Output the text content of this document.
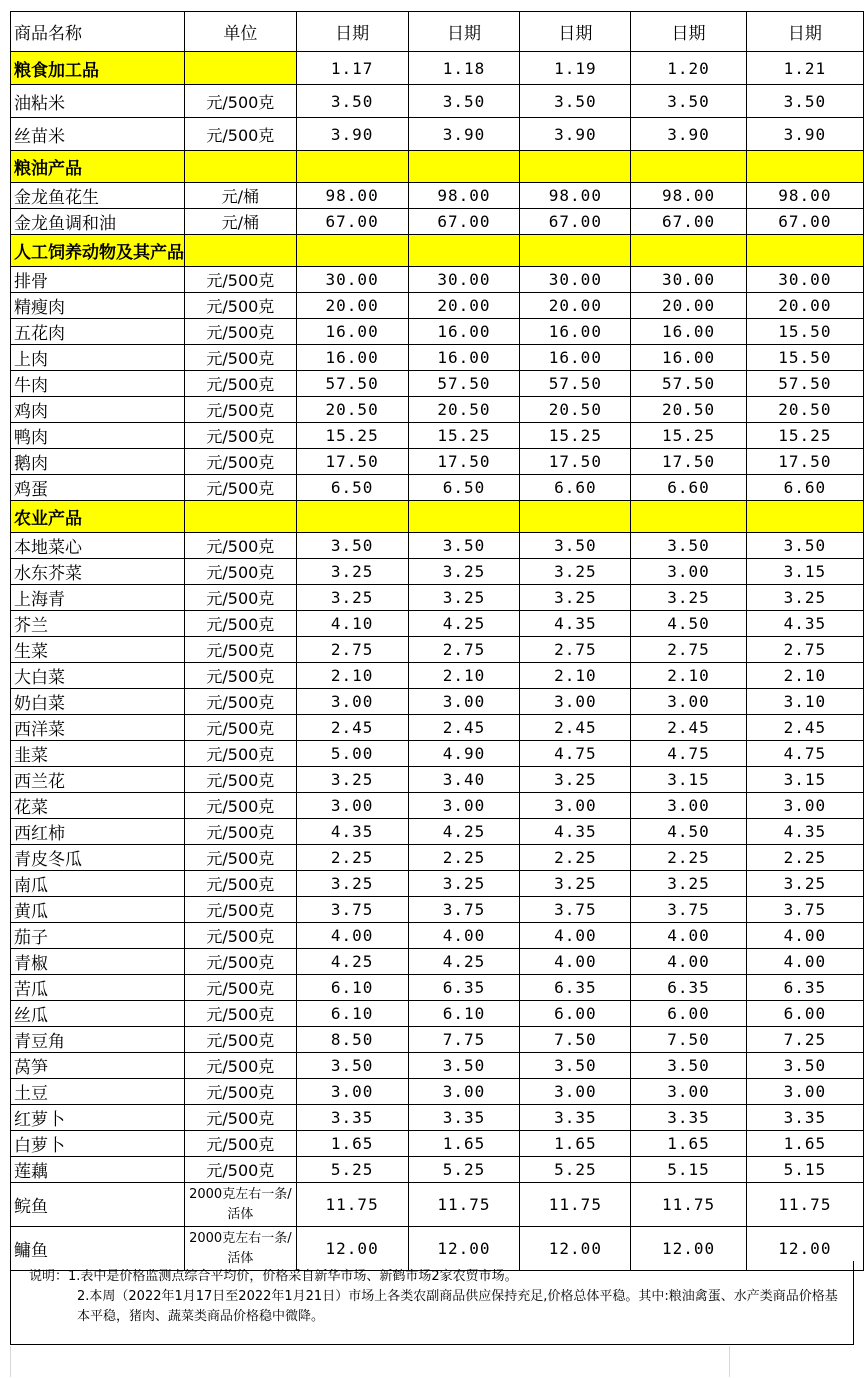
商品名称	单位	日期	日期	日期	日期	日期
粮食加工品		1.17	1.18	1.19	1.20	1.21
油粘米	元/500克	3.50	3.50	3.50	3.50	3.50
丝苗米	元/500克	3.90	3.90	3.90	3.90	3.90
粮油产品						
金龙鱼花生	元/桶	98.00	98.00	98.00	98.00	98.00
金龙鱼调和油	元/桶	67.00	67.00	67.00	67.00	67.00
人工饲养动物及其产品						
排骨	元/500克	30.00	30.00	30.00	30.00	30.00
精瘦肉	元/500克	20.00	20.00	20.00	20.00	20.00
五花肉	元/500克	16.00	16.00	16.00	16.00	15.50
上肉	元/500克	16.00	16.00	16.00	16.00	15.50
牛肉	元/500克	57.50	57.50	57.50	57.50	57.50
鸡肉	元/500克	20.50	20.50	20.50	20.50	20.50
鸭肉	元/500克	15.25	15.25	15.25	15.25	15.25
鹅肉	元/500克	17.50	17.50	17.50	17.50	17.50
鸡蛋	元/500克	6.50	6.50	6.60	6.60	6.60
农业产品						
本地菜心	元/500克	3.50	3.50	3.50	3.50	3.50
水东芥菜	元/500克	3.25	3.25	3.25	3.00	3.15
上海青	元/500克	3.25	3.25	3.25	3.25	3.25
芥兰	元/500克	4.10	4.25	4.35	4.50	4.35
生菜	元/500克	2.75	2.75	2.75	2.75	2.75
大白菜	元/500克	2.10	2.10	2.10	2.10	2.10
奶白菜	元/500克	3.00	3.00	3.00	3.00	3.10
西洋菜	元/500克	2.45	2.45	2.45	2.45	2.45
韭菜	元/500克	5.00	4.90	4.75	4.75	4.75
西兰花	元/500克	3.25	3.40	3.25	3.15	3.15
花菜	元/500克	3.00	3.00	3.00	3.00	3.00
西红柿	元/500克	4.35	4.25	4.35	4.50	4.35
青皮冬瓜	元/500克	2.25	2.25	2.25	2.25	2.25
南瓜	元/500克	3.25	3.25	3.25	3.25	3.25
黄瓜	元/500克	3.75	3.75	3.75	3.75	3.75
茄子	元/500克	4.00	4.00	4.00	4.00	4.00
青椒	元/500克	4.25	4.25	4.00	4.00	4.00
苦瓜	元/500克	6.10	6.35	6.35	6.35	6.35
丝瓜	元/500克	6.10	6.10	6.00	6.00	6.00
青豆角	元/500克	8.50	7.75	7.50	7.50	7.25
莴笋	元/500克	3.50	3.50	3.50	3.50	3.50
土豆	元/500克	3.00	3.00	3.00	3.00	3.00
红萝卜	元/500克	3.35	3.35	3.35	3.35	3.35
白萝卜	元/500克	1.65	1.65	1.65	1.65	1.65
莲藕	元/500克	5.25	5.25	5.25	5.15	5.15
鲩鱼	2000克左右一条/活体	11.75	11.75	11.75	11.75	11.75
鳙鱼	2000克左右一条/活体	12.00	12.00	12.00	12.00	12.00
说明：1.表中是价格监测点综合平均价，价格采自新华市场、新鹤市场2家农贸市场。
2.本周（2022年1月17日至2022年1月21日）市场上各类农副商品供应保持充足,价格总体平稳。其中:粮油禽蛋、水产类商品价格基本平稳，猪肉、蔬菜类商品价格稳中微降。
